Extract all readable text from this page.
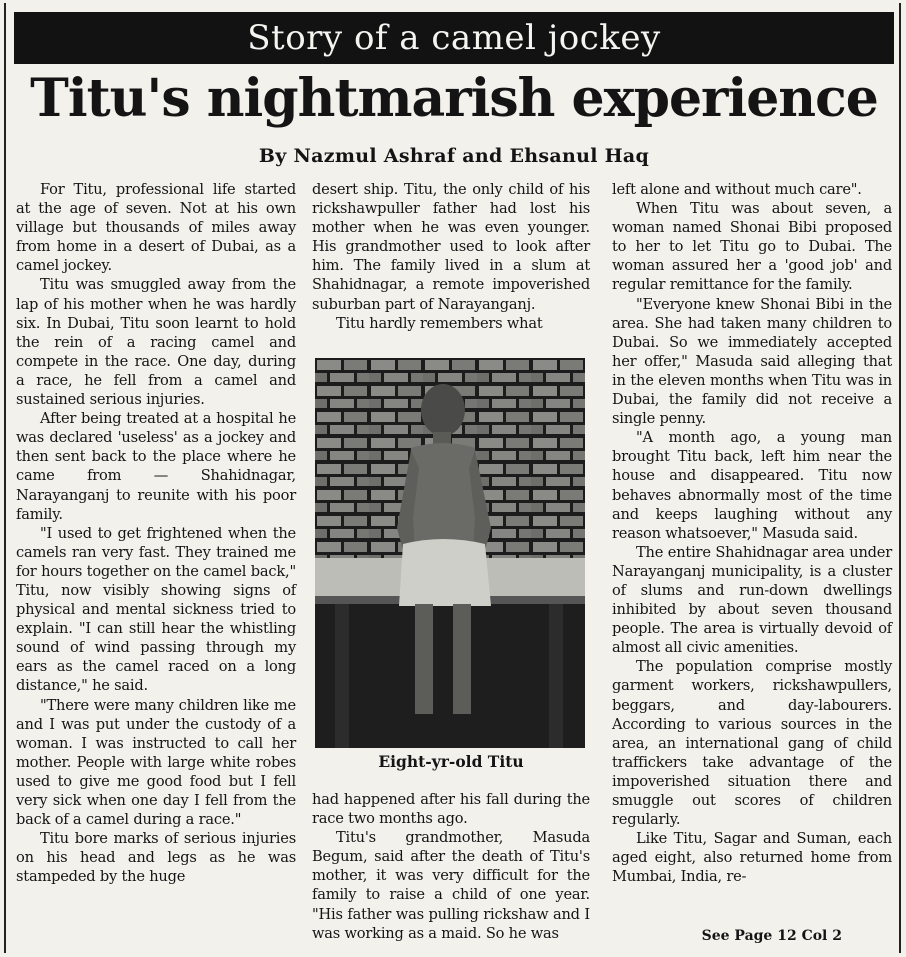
Story of a camel jockey
Titu's nightmarish experience
By Nazmul Ashraf and Ehsanul Haq

For Titu, professional life started at the age of seven. Not at his own village but thousands of miles away from home in a desert of Dubai, as a camel jockey.

Titu was smuggled away from the lap of his mother when he was hardly six. In Dubai, Titu soon learnt to hold the rein of a racing camel and compete in the race. One day, during a race, he fell from a camel and sustained serious injuries.

After being treated at a hospital he was declared 'useless' as a jockey and then sent back to the place where he came from — Shahidnagar, Narayanganj to reunite with his poor family.

"I used to get frightened when the camels ran very fast. They trained me for hours together on the camel back," Titu, now visibly showing signs of physical and mental sickness tried to explain. "I can still hear the whistling sound of wind passing through my ears as the camel raced on a long distance," he said.

"There were many children like me and I was put under the custody of a woman. I was instructed to call her mother. People with large white robes used to give me good food but I fell very sick when one day I fell from the back of a camel during a race."

Titu bore marks of serious injuries on his head and legs as he was stampeded by the huge

desert ship. Titu, the only child of his rickshawpuller father had lost his mother when he was even younger. His grandmother used to look after him. The family lived in a slum at Shahidnagar, a remote impoverished suburban part of Narayanganj.

Titu hardly remembers what

Eight-yr-old Titu

had happened after his fall during the race two months ago.

Titu's grandmother, Masuda Begum, said after the death of Titu's mother, it was very difficult for the family to raise a child of one year. "His father was pulling rickshaw and I was working as a maid. So he was

left alone and without much care".

When Titu was about seven, a woman named Shonai Bibi proposed to her to let Titu go to Dubai. The woman assured her a 'good job' and regular remittance for the family.

"Everyone knew Shonai Bibi in the area. She had taken many children to Dubai. So we immediately accepted her offer," Masuda said alleging that in the eleven months when Titu was in Dubai, the family did not receive a single penny.

"A month ago, a young man brought Titu back, left him near the house and disappeared. Titu now behaves abnormally most of the time and keeps laughing without any reason whatsoever," Masuda said.

The entire Shahidnagar area under Narayanganj municipality, is a cluster of slums and run-down dwellings inhibited by about seven thousand people. The area is virtually devoid of almost all civic amenities.

The population comprise mostly garment workers, rickshawpullers, beggars, and day-labourers. According to various sources in the area, an international gang of child traffickers take advantage of the impoverished situation there and smuggle out scores of children regularly.

Like Titu, Sagar and Suman, each aged eight, also returned home from Mumbai, India, re-

See Page 12 Col 2
